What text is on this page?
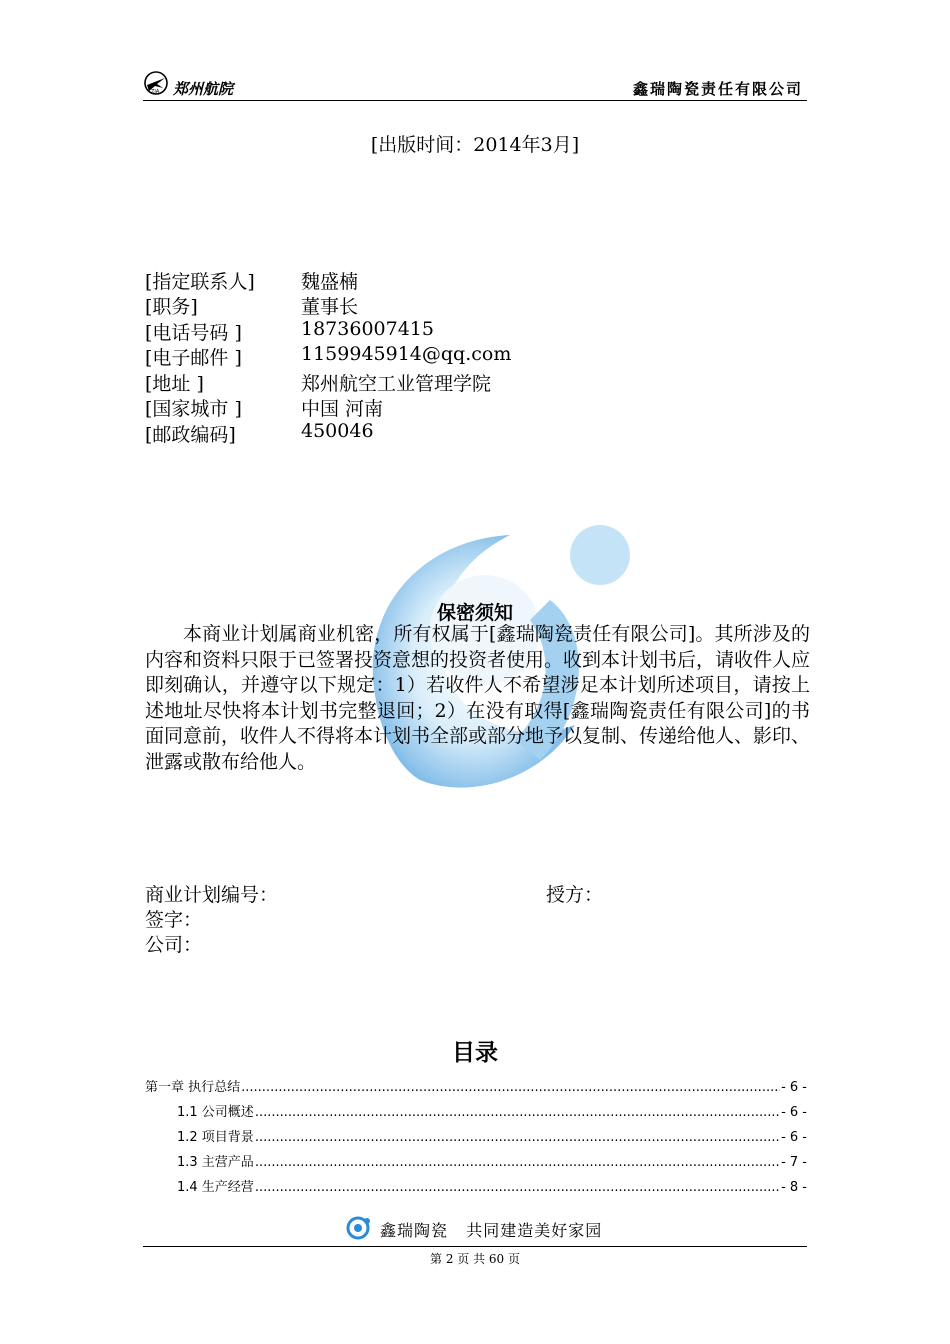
ZIA 郑州航院	鑫瑞陶瓷责任有限公司
[出版时间：2014年3月]
[指定联系人] 魏盛楠
[职务]	董事长
[电话号码 ]	18736007415
[电子邮件 ]	1159945914@qq.com
[地址 ]	郑州航空工业管理学院
[国家城市 ]	中国 河南
[邮政编码]	450046
保密须知
本商业计划属商业机密，所有权属于[鑫瑞陶瓷责任有限公司]。其所涉及的内容和资料只限于已签署投资意想的投资者使用。收到本计划书后，请收件人应即刻确认，并遵守以下规定：1）若收件人不希望涉足本计划所述项目，请按上述地址尽快将本计划书完整退回；2）在没有取得[鑫瑞陶瓷责任有限公司]的书面同意前，收件人不得将本计划书全部或部分地予以复制、传递给他人、影印、泄露或散布给他人。
商业计划编号：	授方：
签字：
公司：
目录
第一章 执行总结 .....	- 6 -
1.1 公司概述 .....	- 6 -
1.2 项目背景 .....	- 6 -
1.3 主营产品 .....	- 7 -
1.4 生产经营 .....	- 8 -
鑫瑞陶瓷 共同建造美好家园
第 2 页 共 60 页
